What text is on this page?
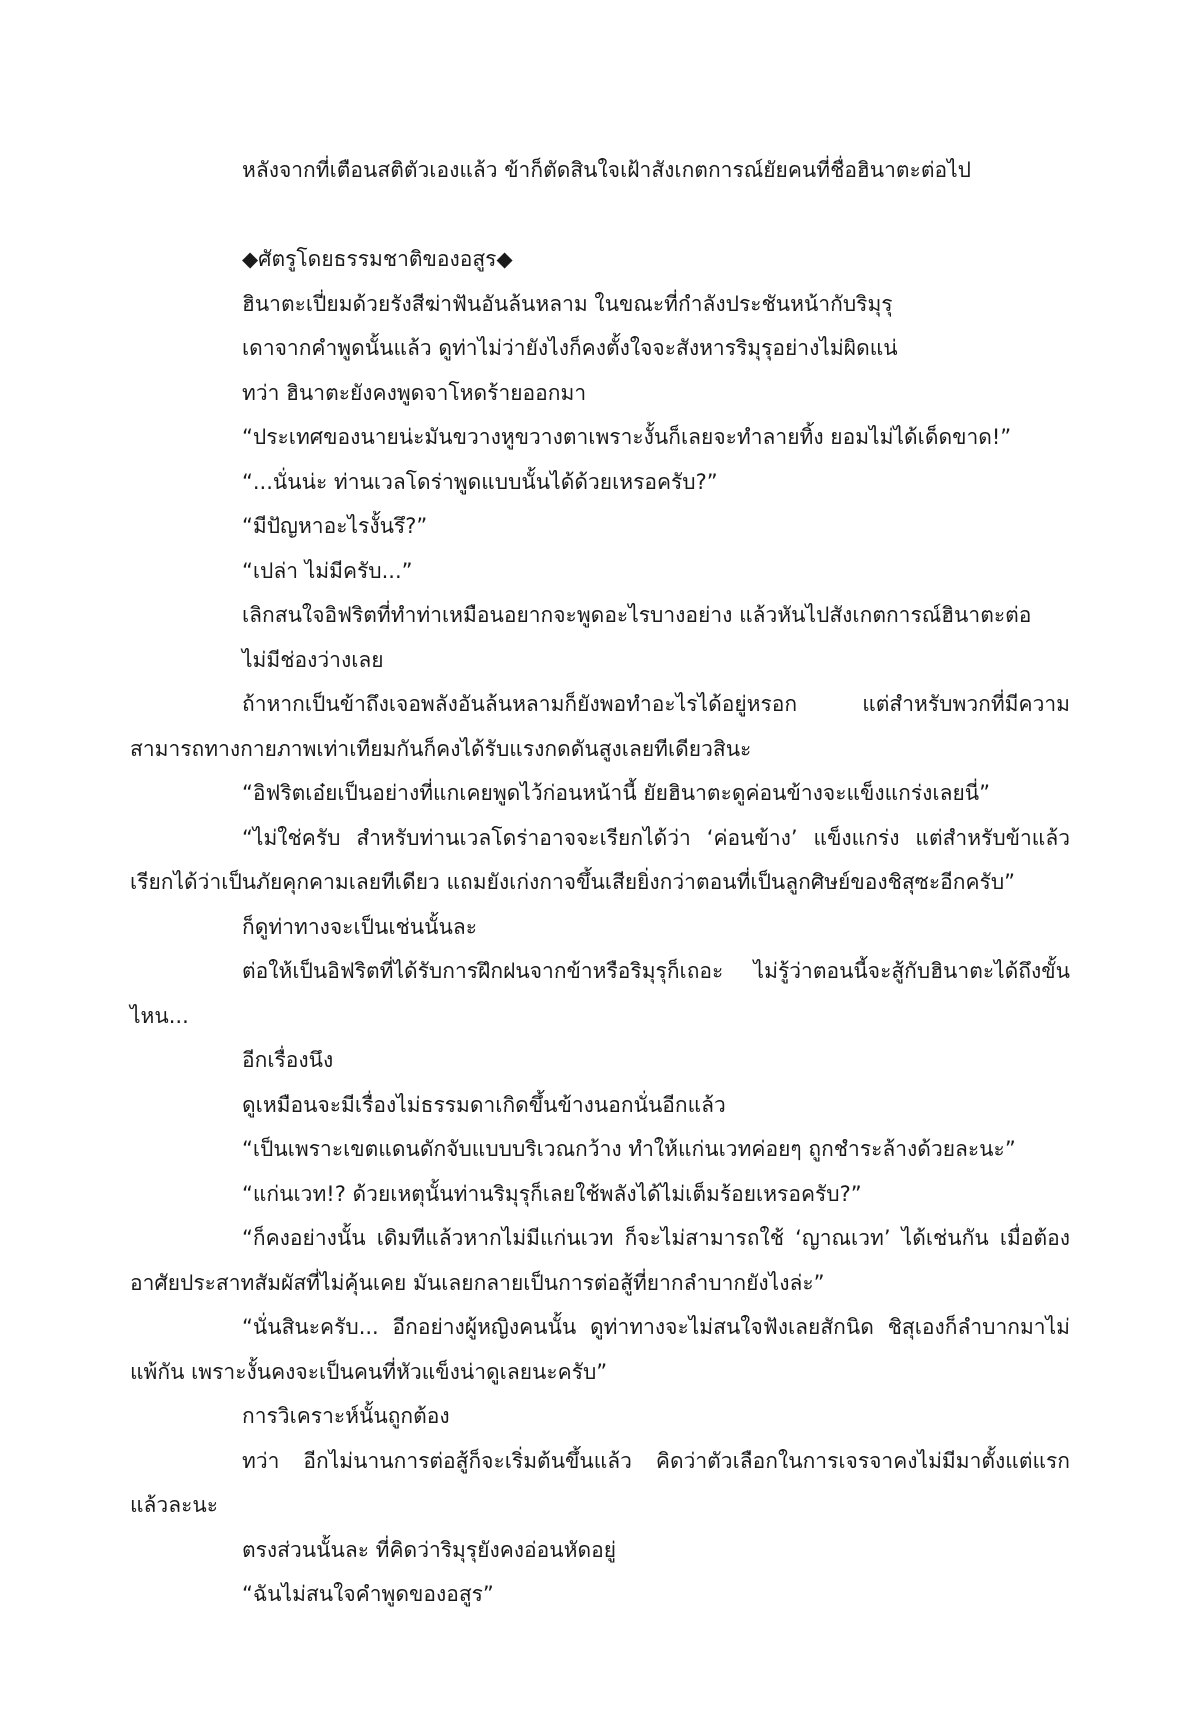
หลังจากที่เตือนสติตัวเองแล้ว ข้าก็ตัดสินใจเฝ้าสังเกตการณ์ยัยคนที่ชื่อฮินาตะต่อไป

◆ศัตรูโดยธรรมชาติของอสูร◆

ฮินาตะเปี่ยมด้วยรังสีฆ่าฟันอันล้นหลาม ในขณะที่กำลังประชันหน้ากับริมุรุ

เดาจากคำพูดนั้นแล้ว ดูท่าไม่ว่ายังไงก็คงตั้งใจจะสังหารริมุรุอย่างไม่ผิดแน่

ทว่า ฮินาตะยังคงพูดจาโหดร้ายออกมา

“ประเทศของนายน่ะมันขวางหูขวางตาเพราะงั้นก็เลยจะทำลายทิ้ง ยอมไม่ได้เด็ดขาด!”

“...นั่นน่ะ ท่านเวลโดร่าพูดแบบนั้นได้ด้วยเหรอครับ?”

“มีปัญหาอะไรงั้นรึ?”

“เปล่า ไม่มีครับ...”

เลิกสนใจอิฟริตที่ทำท่าเหมือนอยากจะพูดอะไรบางอย่าง แล้วหันไปสังเกตการณ์ฮินาตะต่อ

ไม่มีช่องว่างเลย

ถ้าหากเป็นข้าถึงเจอพลังอันล้นหลามก็ยังพอทำอะไรได้อยู่หรอก แต่สำหรับพวกที่มีความสามารถทางกายภาพเท่าเทียมกันก็คงได้รับแรงกดดันสูงเลยทีเดียวสินะ

“อิฟริตเอ๋ยเป็นอย่างที่แกเคยพูดไว้ก่อนหน้านี้ ยัยฮินาตะดูค่อนข้างจะแข็งแกร่งเลยนี่”

“ไม่ใช่ครับ สำหรับท่านเวลโดร่าอาจจะเรียกได้ว่า ‘ค่อนข้าง’ แข็งแกร่ง แต่สำหรับข้าแล้วเรียกได้ว่าเป็นภัยคุกคามเลยทีเดียว แถมยังเก่งกาจขึ้นเสียยิ่งกว่าตอนที่เป็นลูกศิษย์ของชิสุซะอีกครับ”

ก็ดูท่าทางจะเป็นเช่นนั้นละ

ต่อให้เป็นอิฟริตที่ได้รับการฝึกฝนจากข้าหรือริมุรุก็เถอะ ไม่รู้ว่าตอนนี้จะสู้กับฮินาตะได้ถึงขั้นไหน...

อีกเรื่องนึง

ดูเหมือนจะมีเรื่องไม่ธรรมดาเกิดขึ้นข้างนอกนั่นอีกแล้ว

“เป็นเพราะเขตแดนดักจับแบบบริเวณกว้าง ทำให้แก่นเวทค่อยๆ ถูกชำระล้างด้วยละนะ”

“แก่นเวท!? ด้วยเหตุนั้นท่านริมุรุก็เลยใช้พลังได้ไม่เต็มร้อยเหรอครับ?”

“ก็คงอย่างนั้น เดิมทีแล้วหากไม่มีแก่นเวท ก็จะไม่สามารถใช้ ‘ญาณเวท’ ได้เช่นกัน เมื่อต้องอาศัยประสาทสัมผัสที่ไม่คุ้นเคย มันเลยกลายเป็นการต่อสู้ที่ยากลำบากยังไงล่ะ”

“นั่นสินะครับ... อีกอย่างผู้หญิงคนนั้น ดูท่าทางจะไม่สนใจฟังเลยสักนิด ชิสุเองก็ลำบากมาไม่แพ้กัน เพราะงั้นคงจะเป็นคนที่หัวแข็งน่าดูเลยนะครับ”

การวิเคราะห์นั้นถูกต้อง

ทว่า อีกไม่นานการต่อสู้ก็จะเริ่มต้นขึ้นแล้ว คิดว่าตัวเลือกในการเจรจาคงไม่มีมาตั้งแต่แรกแล้วละนะ

ตรงส่วนนั้นละ ที่คิดว่าริมุรุยังคงอ่อนหัดอยู่

“ฉันไม่สนใจคำพูดของอสูร”
